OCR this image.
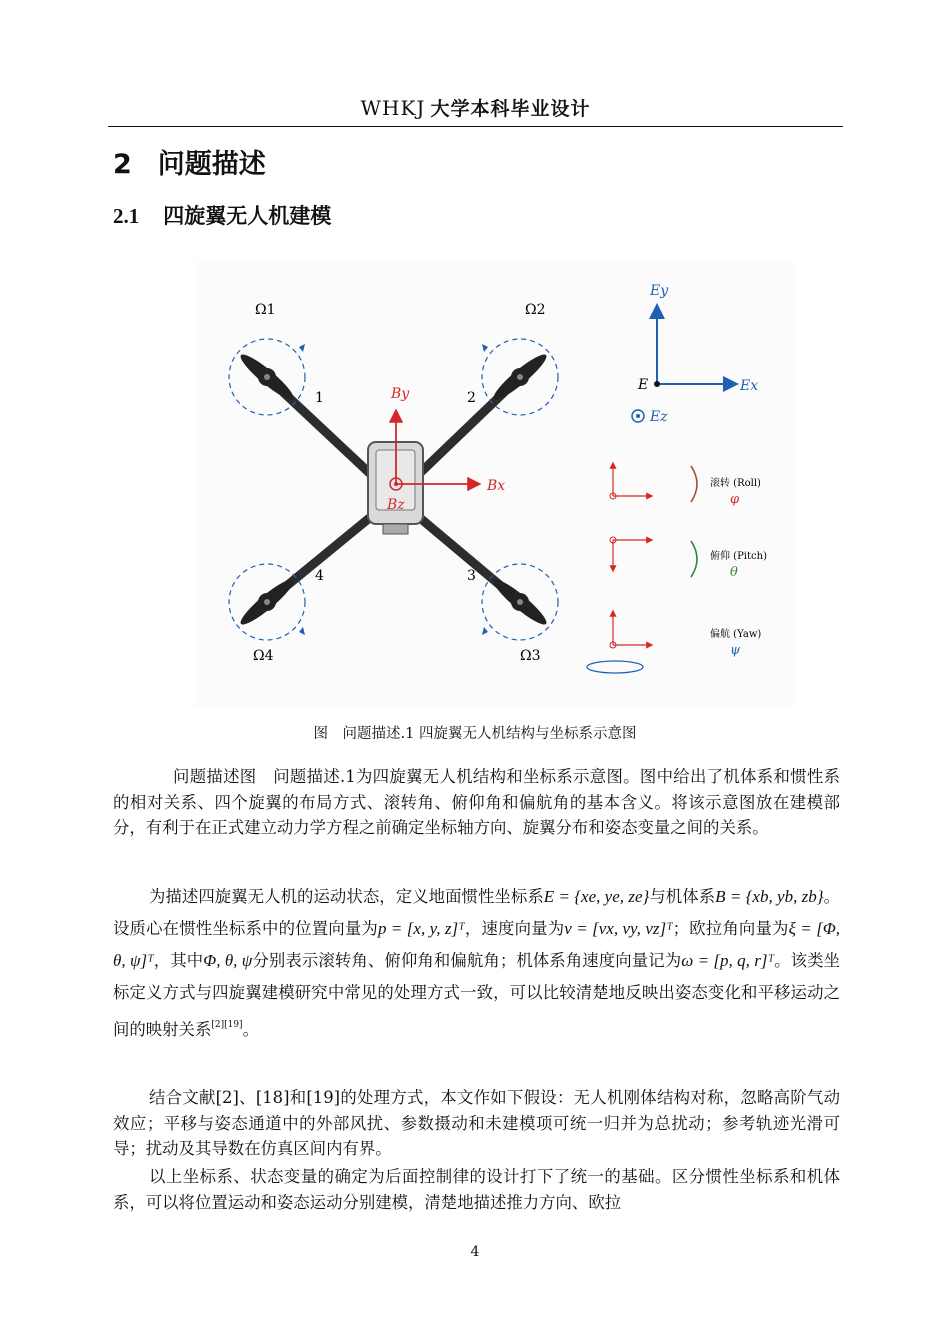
WHKJ 大学本科毕业设计
2 问题描述
2.1 四旋翼无人机建模
Ω1	Ω2
Ω3
Ω4
1	2
3
4
By
Bx
Bz
E
Ey
Ex
Ez
滚转 (Roll)
φ
俯仰 (Pitch)
θ
偏航 (Yaw)
ψ
图　问题描述.1 四旋翼无人机结构与坐标系示意图
问题描述图　问题描述.1为四旋翼无人机结构和坐标系示意图。图中给出了机体系和惯性系的相对关系、四个旋翼的布局方式、滚转角、俯仰角和偏航角的基本含义。将该示意图放在建模部分，有利于在正式建立动力学方程之前确定坐标轴方向、旋翼分布和姿态变量之间的关系。
为描述四旋翼无人机的运动状态，定义地面惯性坐标系E = {xe, ye, ze}与机体系B = {xb, yb, zb}。设质心在惯性坐标系中的位置向量为p = [x, y, z]ᵀ，速度向量为v = [vx, vy, vz]ᵀ；欧拉角向量为ξ = [Φ, θ, ψ]ᵀ，其中Φ, θ, ψ分别表示滚转角、俯仰角和偏航角；机体系角速度向量记为ω = [p, q, r]ᵀ。该类坐标定义方式与四旋翼建模研究中常见的处理方式一致，可以比较清楚地反映出姿态变化和平移运动之间的映射关系[2][19]。
结合文献[2]、[18]和[19]的处理方式，本文作如下假设：无人机刚体结构对称，忽略高阶气动效应；平移与姿态通道中的外部风扰、参数摄动和未建模项可统一归并为总扰动；参考轨迹光滑可导；扰动及其导数在仿真区间内有界。
以上坐标系、状态变量的确定为后面控制律的设计打下了统一的基础。区分惯性坐标系和机体系，可以将位置运动和姿态运动分别建模，清楚地描述推力方向、欧拉
4
